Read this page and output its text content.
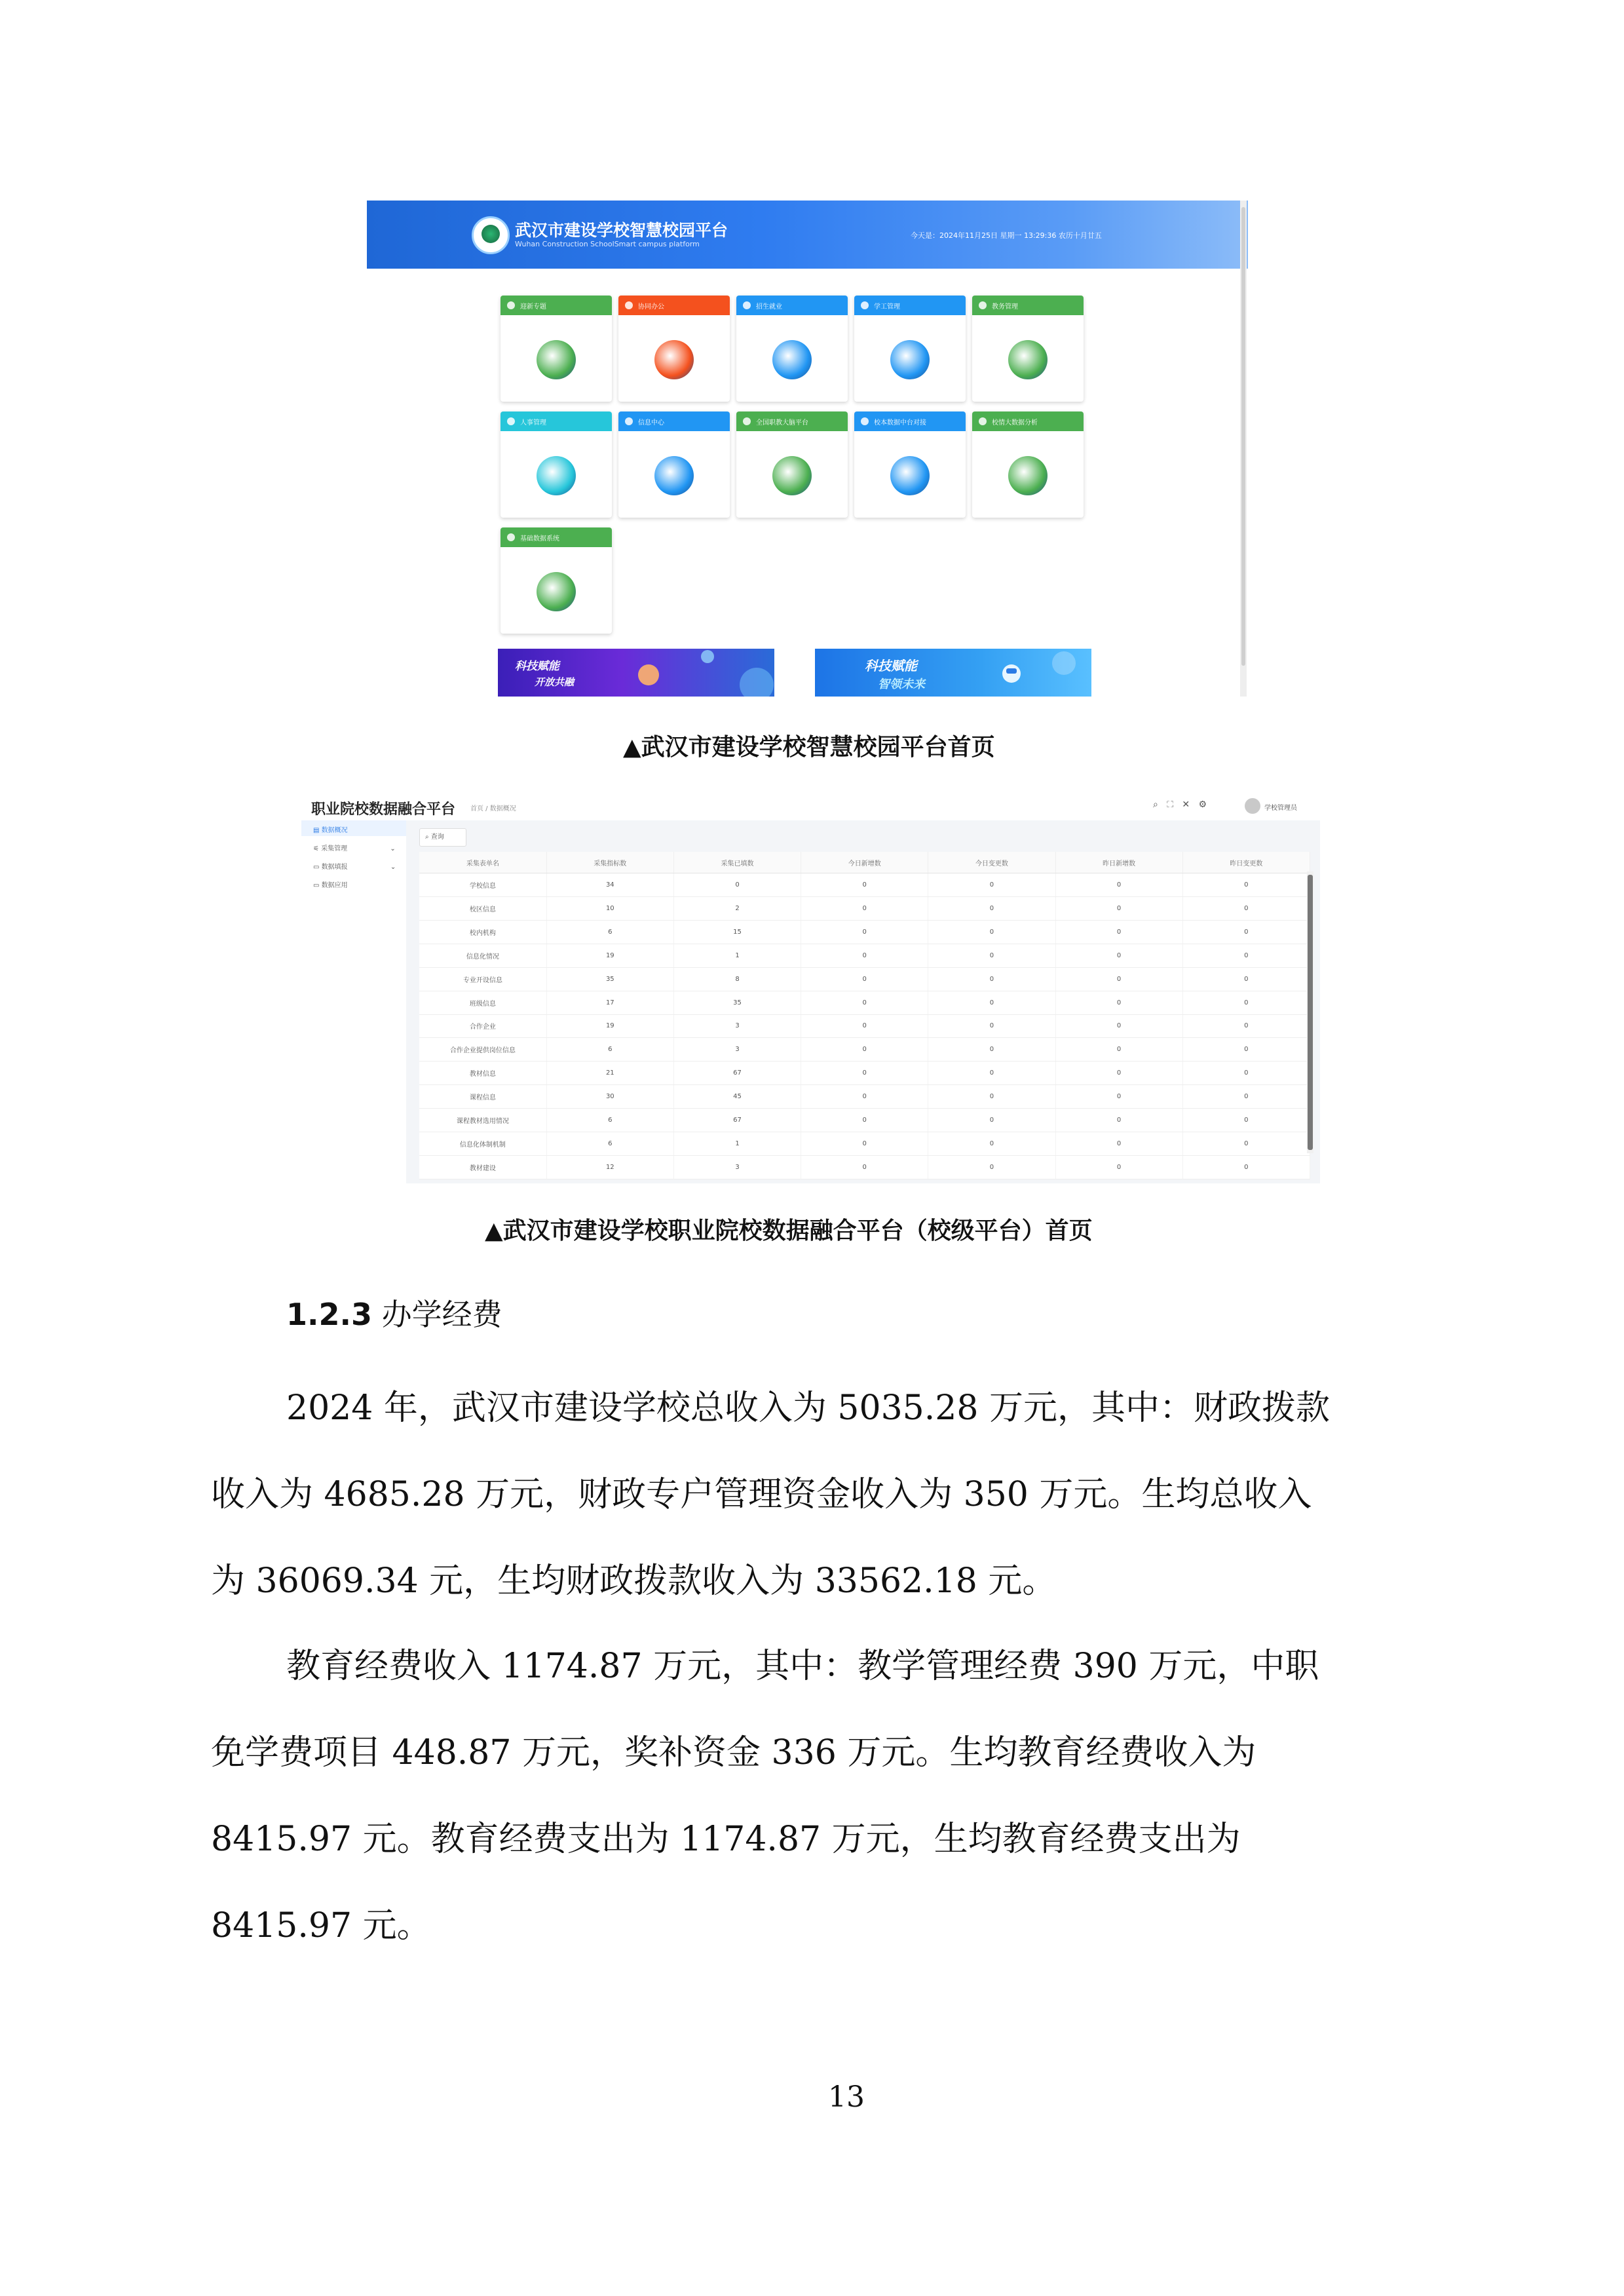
武汉市建设学校智慧校园平台
Wuhan Construction SchoolSmart campus platform
今天是：2024年11月25日 星期一 13:29:36 农历十月廿五
科技赋能
开放共融
科技赋能
智领未来
迎新专题	协同办公	招生就业	学工管理	教务管理
人事管理	信息中心	全国职教大脑平台	校本数据中台对接	校情大数据分析
基础数据系统
▲武汉市建设学校智慧校园平台首页
职业院校数据融合平台 首页 / 数据概况	⌕ ⛶ ✕ ⚙	学校管理员
▤ 数据概况
⚟ 采集管理	⌄
▭ 数据填报	⌄
▭ 数据应用
⌕ 查询
采集表单名	采集指标数	采集已填数	今日新增数	今日变更数	昨日新增数	昨日变更数
学校信息	34	0	0	0	0	0
校区信息	10	2	0	0	0	0
校内机构	6	15	0	0	0	0
信息化情况	19	1	0	0	0	0
专业开设信息	35	8	0	0	0	0
班级信息	17	35	0	0	0	0
合作企业	19	3	0	0	0	0
合作企业提供岗位信息	6	3	0	0	0	0
教材信息	21	67	0	0	0	0
课程信息	30	45	0	0	0	0
课程教材选用情况	6	67	0	0	0	0
信息化体制机制	6	1	0	0	0	0
教材建设	12	3	0	0	0	0
▲武汉市建设学校职业院校数据融合平台（校级平台）首页
1.2.3 办学经费
2024 年，武汉市建设学校总收入为 5035.28 万元，其中：财政拨款
收入为 4685.28 万元，财政专户管理资金收入为 350 万元。生均总收入
为 36069.34 元，生均财政拨款收入为 33562.18 元。
教育经费收入 1174.87 万元，其中：教学管理经费 390 万元，中职
免学费项目 448.87 万元，奖补资金 336 万元。生均教育经费收入为
8415.97 元。教育经费支出为 1174.87 万元，生均教育经费支出为
8415.97 元。
13
